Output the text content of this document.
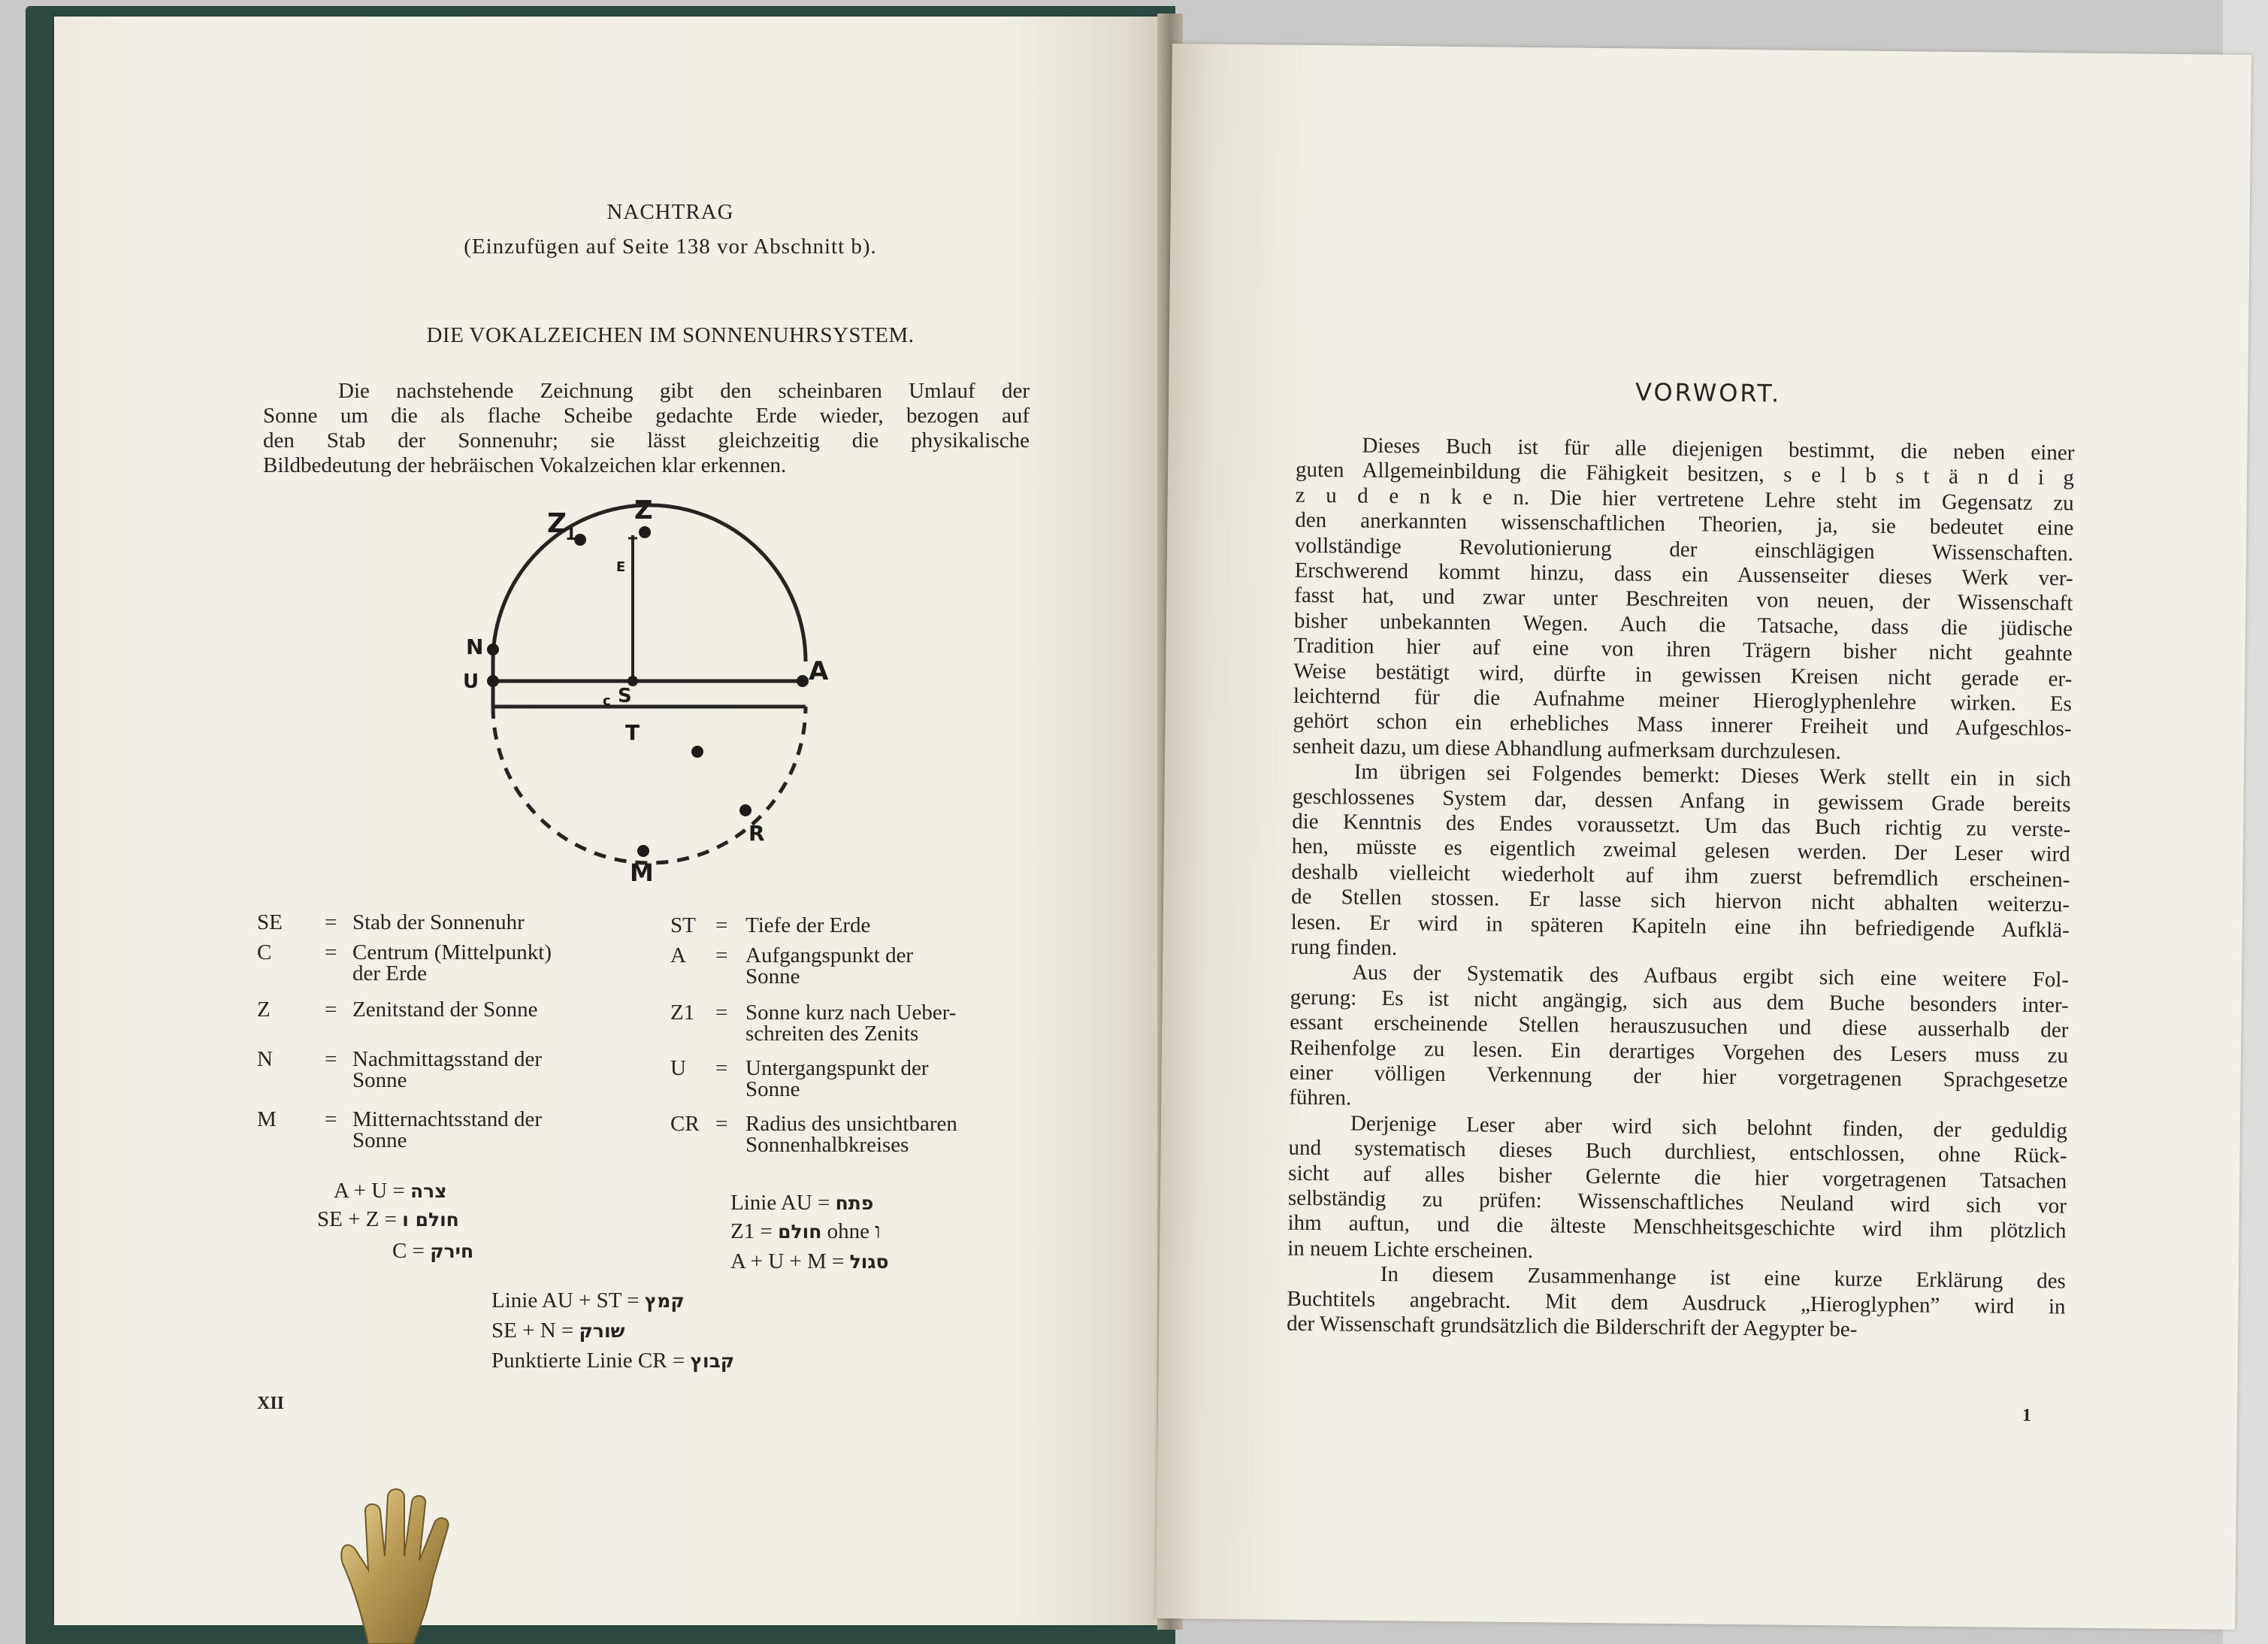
NACHTRAG
(Einzufügen auf Seite 138 vor Abschnitt b).
DIE VOKALZEICHEN IM SONNENUHRSYSTEM.
Die nachstehende Zeichnung gibt den scheinbaren Umlauf der
Sonne um die als flache Scheibe gedachte Erde wieder, bezogen auf
den Stab der Sonnenuhr; sie lässt gleichzeitig die physikalische
Bildbedeutung der hebräischen Vokalzeichen klar erkennen.
Z
1
Z
E
N
U
S
c
A
T
R
M
SE = Stab der Sonnenuhr
C = Centrum (Mittelpunkt)
der Erde
Z = Zenitstand der Sonne
N = Nachmittagsstand der
Sonne
M = Mitternachtsstand der
Sonne
ST = Tiefe der Erde
A = Aufgangspunkt der
Sonne
Z1 = Sonne kurz nach Ueber-
schreiten des Zenits
U = Untergangspunkt der
Sonne
CR = Radius des unsichtbaren
Sonnenhalbkreises
A + U = צרה
SE + Z = חולם ו
C = חירק
Linie AU = פתח
Z1 = חולם ohne ו
A + U + M = סגול
Linie AU + ST = קמץ
SE + N = שורק
Punktierte Linie CR = קבוץ
XII
VORWORT.
Dieses Buch ist für alle diejenigen bestimmt, die neben einer
guten Allgemeinbildung die Fähigkeit besitzen, s e l b s t ä n d i g
z u d e n k e n. Die hier vertretene Lehre steht im Gegensatz zu
den anerkannten wissenschaftlichen Theorien, ja, sie bedeutet eine
vollständige Revolutionierung der einschlägigen Wissenschaften.
Erschwerend kommt hinzu, dass ein Aussenseiter dieses Werk ver-
fasst hat, und zwar unter Beschreiten von neuen, der Wissenschaft
bisher unbekannten Wegen. Auch die Tatsache, dass die jüdische
Tradition hier auf eine von ihren Trägern bisher nicht geahnte
Weise bestätigt wird, dürfte in gewissen Kreisen nicht gerade er-
leichternd für die Aufnahme meiner Hieroglyphenlehre wirken. Es
gehört schon ein erhebliches Mass innerer Freiheit und Aufgeschlos-
senheit dazu, um diese Abhandlung aufmerksam durchzulesen.
Im übrigen sei Folgendes bemerkt: Dieses Werk stellt ein in sich
geschlossenes System dar, dessen Anfang in gewissem Grade bereits
die Kenntnis des Endes voraussetzt. Um das Buch richtig zu verste-
hen, müsste es eigentlich zweimal gelesen werden. Der Leser wird
deshalb vielleicht wiederholt auf ihm zuerst befremdlich erscheinen-
de Stellen stossen. Er lasse sich hiervon nicht abhalten weiterzu-
lesen. Er wird in späteren Kapiteln eine ihn befriedigende Aufklä-
rung finden.
Aus der Systematik des Aufbaus ergibt sich eine weitere Fol-
gerung: Es ist nicht angängig, sich aus dem Buche besonders inter-
essant erscheinende Stellen herauszusuchen und diese ausserhalb der
Reihenfolge zu lesen. Ein derartiges Vorgehen des Lesers muss zu
einer völligen Verkennung der hier vorgetragenen Sprachgesetze
führen.
Derjenige Leser aber wird sich belohnt finden, der geduldig
und systematisch dieses Buch durchliest, entschlossen, ohne Rück-
sicht auf alles bisher Gelernte die hier vorgetragenen Tatsachen
selbständig zu prüfen: Wissenschaftliches Neuland wird sich vor
ihm auftun, und die älteste Menschheitsgeschichte wird ihm plötzlich
in neuem Lichte erscheinen.
In diesem Zusammenhange ist eine kurze Erklärung des
Buchtitels angebracht. Mit dem Ausdruck „Hieroglyphen” wird in
der Wissenschaft grundsätzlich die Bilderschrift der Aegypter be-
1
